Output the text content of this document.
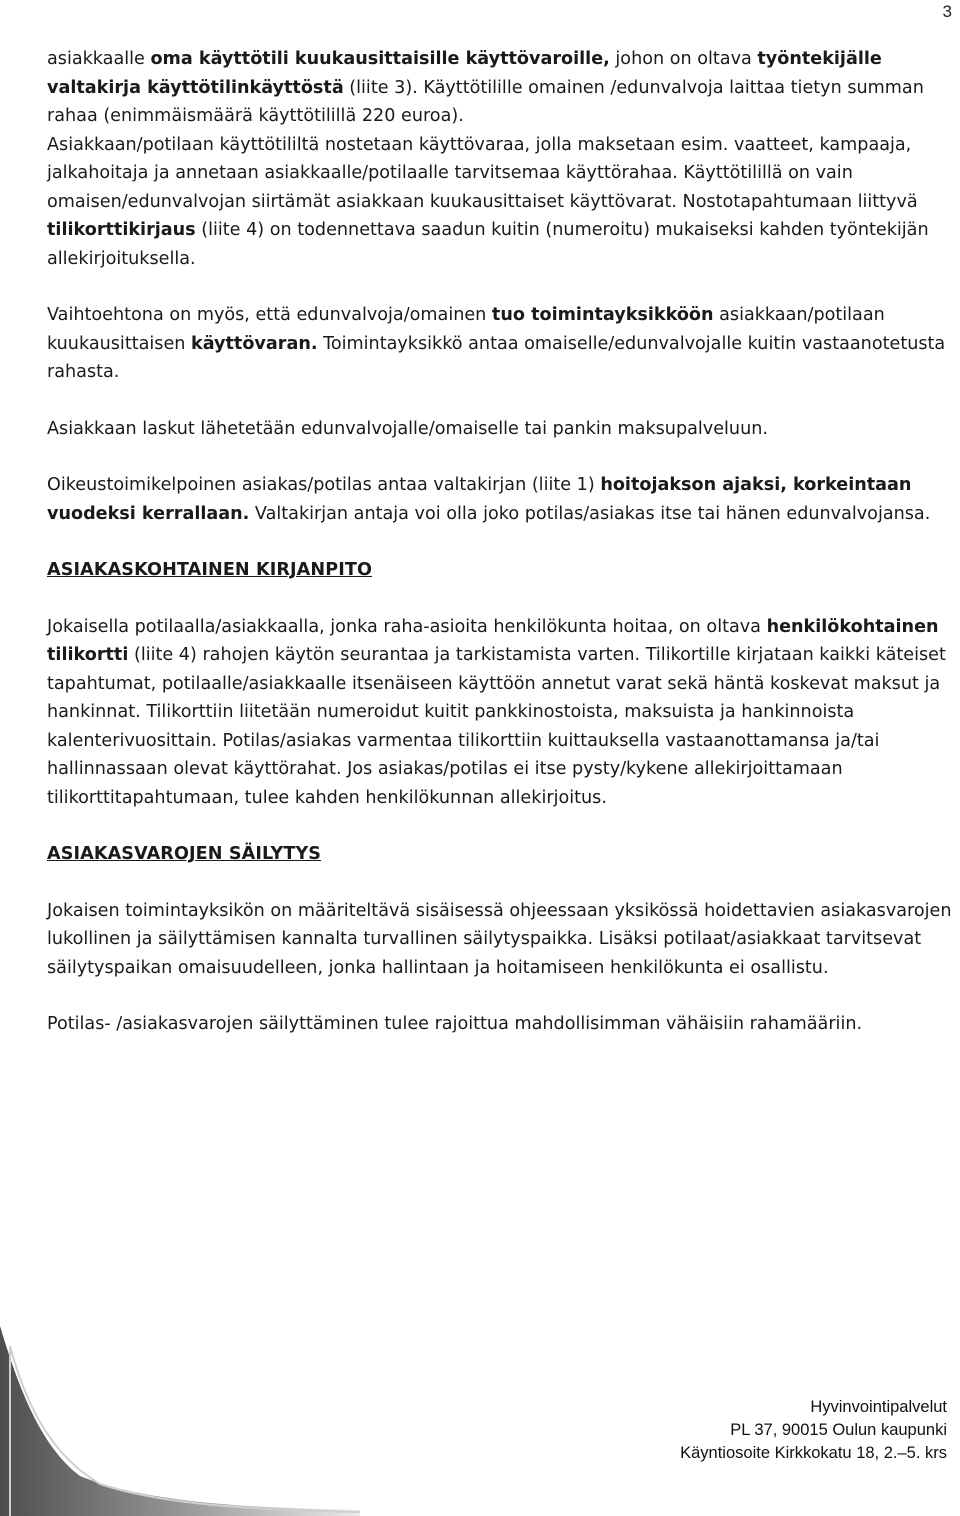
3

asiakkaalle oma käyttötili kuukausittaisille käyttövaroille, johon on oltava työntekijälle valtakirja käyttötilinkäyttöstä (liite 3). Käyttötilille omainen /edunvalvoja laittaa tietyn summan rahaa (enimmäismäärä käyttötilillä 220 euroa).

Asiakkaan/potilaan käyttötililtä nostetaan käyttövaraa, jolla maksetaan esim. vaatteet, kampaaja, jalkahoitaja ja annetaan asiakkaalle/potilaalle tarvitsemaa käyttörahaa. Käyttötilillä on vain omaisen/edunvalvojan siirtämät asiakkaan kuukausittaiset käyttövarat. Nostotapahtumaan liittyvä tilikorttikirjaus (liite 4) on todennettava saadun kuitin (numeroitu) mukaiseksi kahden työntekijän allekirjoituksella.

Vaihtoehtona on myös, että edunvalvoja/omainen tuo toimintayksikköön asiakkaan/potilaan kuukausittaisen käyttövaran. Toimintayksikkö antaa omaiselle/edunvalvojalle kuitin vastaanotetusta rahasta.

Asiakkaan laskut lähetetään edunvalvojalle/omaiselle tai pankin maksupalveluun.

Oikeustoimikelpoinen asiakas/potilas antaa valtakirjan (liite 1) hoitojakson ajaksi, korkeintaan vuodeksi kerrallaan. Valtakirjan antaja voi olla joko potilas/asiakas itse tai hänen edunvalvojansa.

ASIAKASKOHTAINEN KIRJANPITO

Jokaisella potilaalla/asiakkaalla, jonka raha-asioita henkilökunta hoitaa, on oltava henkilökohtainen tilikortti (liite 4) rahojen käytön seurantaa ja tarkistamista varten. Tilikortille kirjataan kaikki käteiset tapahtumat, potilaalle/asiakkaalle itsenäiseen käyttöön annetut varat sekä häntä koskevat maksut ja hankinnat. Tilikorttiin liitetään numeroidut kuitit pankkinostoista, maksuista ja hankinnoista kalenterivuosittain. Potilas/asiakas varmentaa tilikorttiin kuittauksella vastaanottamansa ja/tai hallinnassaan olevat käyttörahat. Jos asiakas/potilas ei itse pysty/kykene allekirjoittamaan tilikorttitapahtumaan, tulee kahden henkilökunnan allekirjoitus.

ASIAKASVAROJEN SÄILYTYS

Jokaisen toimintayksikön on määriteltävä sisäisessä ohjeessaan yksikössä hoidettavien asiakasvarojen lukollinen ja säilyttämisen kannalta turvallinen säilytyspaikka. Lisäksi potilaat/asiakkaat tarvitsevat säilytyspaikan omaisuudelleen, jonka hallintaan ja hoitamiseen henkilökunta ei osallistu.

Potilas- /asiakasvarojen säilyttäminen tulee rajoittua mahdollisimman vähäisiin rahamääriin.

Hyvinvointipalvelut
PL 37, 90015 Oulun kaupunki
Käyntiosoite Kirkkokatu 18, 2.–5. krs
